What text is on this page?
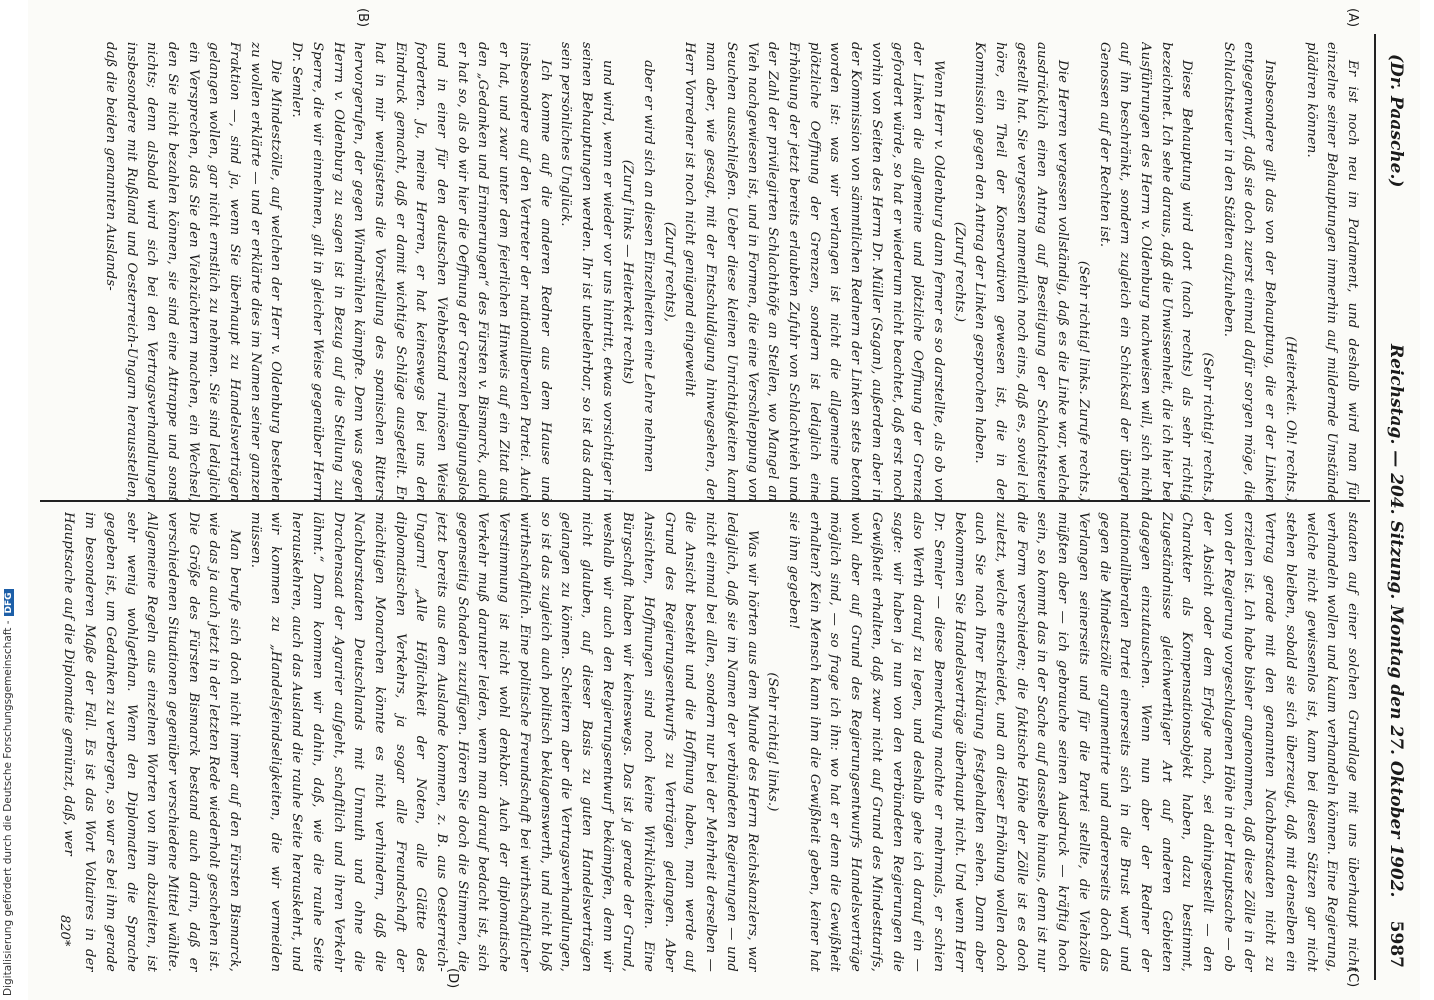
Digitalisierung gefördert durch die Deutsche Forschungsgemeinschaft -DFG
(Dr. Paasche.)
Reichstag. — 204. Sitzung. Montag den 27. Oktober 1902.
5987
(A)
(B)
(C)
(D)

Er ist noch neu im Parlament, und deshalb wird man für einzelne seiner Behauptungen immerhin auf mildernde Umstände plädiren können.

(Heiterkeit. Oh! rechts.)

Insbesondere gilt das von der Behauptung, die er der Linken entgegenwarf, daß sie doch zuerst einmal dafür sorgen möge, die Schlachtsteuer in den Städten aufzuheben.

(Sehr richtig! rechts.)

Diese Behauptung wird dort (nach rechts) als sehr richtig bezeichnet. Ich sehe daraus, daß die Unwissenheit, die ich hier bei Ausführungen des Herrn v. Oldenburg nachweisen will, sich nicht auf ihn beschränkt, sondern zugleich ein Schicksal der übrigen Genossen auf der Rechten ist.

(Sehr richtig! links. Zurufe rechts.)

Die Herren vergessen vollständig, daß es die Linke war, welche ausdrücklich einen Antrag auf Beseitigung der Schlachtsteuer gestellt hat. Sie vergessen namentlich noch eins, daß es, soviel ich höre, ein Theil der Konservativen gewesen ist, die in der Kommission gegen den Antrag der Linken gesprochen haben.

(Zuruf rechts.)

Wenn Herr v. Oldenburg dann ferner es so darstellte, als ob von der Linken die allgemeine und plötzliche Oeffnung der Grenze gefordert würde, so hat er wiederum nicht beachtet, daß erst noch vorhin von Seiten des Herrn Dr. Müller (Sagan), außerdem aber in der Kommission von sämmtlichen Rednern der Linken stets betont worden ist: was wir verlangen ist nicht die allgemeine und plötzliche Oeffnung der Grenzen, sondern ist lediglich eine Erhöhung der jetzt bereits erlaubten Zufuhr von Schlachtvieh und der Zahl der privilegirten Schlachthöfe an Stellen, wo Mangel an Vieh nachgewiesen ist, und in Formen, die eine Verschleppung von Seuchen ausschließen. Ueber diese kleinen Unrichtigkeiten kann man aber, wie gesagt, mit der Entschuldigung hinwegsehen, der Herr Vorredner ist noch nicht genügend eingeweiht

(Zuruf rechts),

aber er wird sich an diesen Einzelheiten eine Lehre nehmen

(Zuruf links — Heiterkeit rechts)

und wird, wenn er wieder vor uns hintritt, etwas vorsichtiger in seinen Behauptungen werden. Ihr ist unbelehrbar, so ist das dann sein persönliches Unglück.

Ich komme auf die anderen Redner aus dem Hause und insbesondere auf den Vertreter der nationalliberalen Partei. Auch er hat, und zwar unter dem feierlichen Hinweis auf ein Zitat aus den „Gedanken und Erinnerungen“ des Fürsten v. Bismarck, auch er hat so, als ob wir hier die Oeffnung der Grenzen bedingungslos und in einer für den deutschen Viehbestand ruinösen Weise forderten. Ja, meine Herren, er hat keineswegs bei uns den Eindruck gemacht, daß er damit wichtige Schläge ausgeteilt. Er hat in mir wenigstens die Vorstellung des spanischen Ritters hervorgerufen, der gegen Windmühlen kämpfte. Denn was gegen Herrn v. Oldenburg zu sagen ist in Bezug auf die Stellung zur Sperre, die wir einnehmen, gilt in gleicher Weise gegenüber Herrn Dr. Semler.

Die Mindestzölle, auf welchen der Herr v. Oldenburg bestehen zu wollen erklärte — und er erklärte dies im Namen seiner ganzen Fraktion —, sind ja, wenn Sie überhaupt zu Handelsverträgen gelangen wollen, gar nicht ernstlich zu nehmen. Sie sind lediglich ein Versprechen, das Sie den Viehzüchtern machen, ein Wechsel, den Sie nicht bezahlen können, sie sind eine Attrappe und sonst nichts; denn alsbald wird sich bei den Vertragsverhandlungen insbesondere mit Rußland und Oesterreich-Ungarn herausstellen, daß die beiden genannten Auslands-

staaten auf einer solchen Grundlage mit uns überhaupt nicht verhandeln wollen und kaum verhandeln können. Eine Regierung, welche nicht gewissenlos ist, kann bei diesen Sätzen gar nicht stehen bleiben, sobald sie sich überzeugt, daß mit denselben ein Vertrag gerade mit den genannten Nachbarstaaten nicht zu erzielen ist. Ich habe bisher angenommen, daß diese Zölle in der von der Regierung vorgeschlagenen Höhe in der Hauptsache — ob der Absicht oder dem Erfolge nach, sei dahingestellt — den Charakter als Kompensationsobjekt haben, dazu bestimmt, Zugeständnisse gleichwerthiger Art auf anderen Gebieten dagegen einzutauschen. Wenn nun aber der Redner der nationalliberalen Partei einerseits sich in die Brust warf und gegen die Mindestzölle argumentirte und andererseits doch das Verlangen seinerseits und für die Partei stellte, die Viehzölle müßten aber — ich gebrauche seinen Ausdruck — kräftig hoch sein, so kommt das in der Sache auf dasselbe hinaus, denn ist nur die Form verschieden; die faktische Höhe der Zölle ist es doch zuletzt, welche entscheidet, und an dieser Erhöhung wollen doch auch Sie nach Ihrer Erklärung festgehalten sehen. Dann aber bekommen Sie Handelsverträge überhaupt nicht. Und wenn Herr Dr. Semler — diese Bemerkung machte er mehrmals, er schien also Werth darauf zu legen, und deshalb gehe ich darauf ein — sagte: wir haben ja nun von den verbündeten Regierungen die Gewißheit erhalten, daß zwar nicht auf Grund des Mindesttarifs, wohl aber auf Grund des Regierungsentwurfs Handelsverträge möglich sind, — so frage ich ihn: wo hat er denn die Gewißheit erhalten? Kein Mensch kann ihm die Gewißheit geben, keiner hat sie ihm gegeben!

(Sehr richtig! links.)

Was wir hörten aus dem Munde des Herrn Reichskanzlers, war lediglich, daß sie im Namen der verbündeten Regierungen — und nicht einmal bei allen, sondern nur bei der Mehrheit derselben — die Ansicht besteht und die Hoffnung haben, man werde auf Grund des Regierungsentwurfs zu Verträgen gelangen. Aber Ansichten, Hoffnungen sind noch keine Wirklichkeiten. Eine Bürgschaft haben wir keineswegs. Das ist ja gerade der Grund, weshalb wir auch den Regierungsentwurf bekämpfen, denn wir nicht glauben, auf dieser Basis zu guten Handelsverträgen gelangen zu können. Scheitern aber die Vertragsverhandlungen, so ist das zugleich auch politisch beklagenswerth, und nicht bloß wirthschaftlich. Eine politische Freundschaft bei wirthschaftlicher Verstimmung ist nicht wohl denkbar. Auch der diplomatische Verkehr muß darunter leiden, wenn man darauf bedacht ist, sich gegenseitig Schaden zuzufügen. Hören Sie doch die Stimmen, die jetzt bereits aus dem Auslande kommen, z. B. aus Oesterreich-Ungarn! „Alle Höflichkeit der Noten, alle Glätte des diplomatischen Verkehrs, ja sogar alle Freundschaft der mächtigen Monarchen könnte es nicht verhindern, daß die Nachbarstaaten Deutschlands mit Unmuth und ohne die Drachensaat der Agrarier aufgeht, schaftlich und ihren Verkehr lähmt.“ Dann kommen wir dahin, daß, wie die rauhe Seite herauskehren, auch das Ausland die rauhe Seite herauskehrt, und wir kommen zu „Handelsfeindseligkeiten, die wir vermeiden müssen.

Man berufe sich doch nicht immer auf den Fürsten Bismarck, wie das ja auch jetzt in der letzten Rede wiederholt geschehen ist. Die Größe des Fürsten Bismarck bestand auch darin, daß er verschiedenen Situationen gegenüber verschiedene Mittel wählte. Allgemeine Regeln aus einzelnen Worten von ihm abzuleiten, ist sehr wenig wohlgethan. Wenn den Diplomaten die Sprache gegeben ist, um Gedanken zu verbergen, so war es bei ihm gerade im besonderen Maße der Fall. Es ist das Wort Voltaires in der Hauptsache auf die Diplomatie gemünzt, daß, wer

820*
